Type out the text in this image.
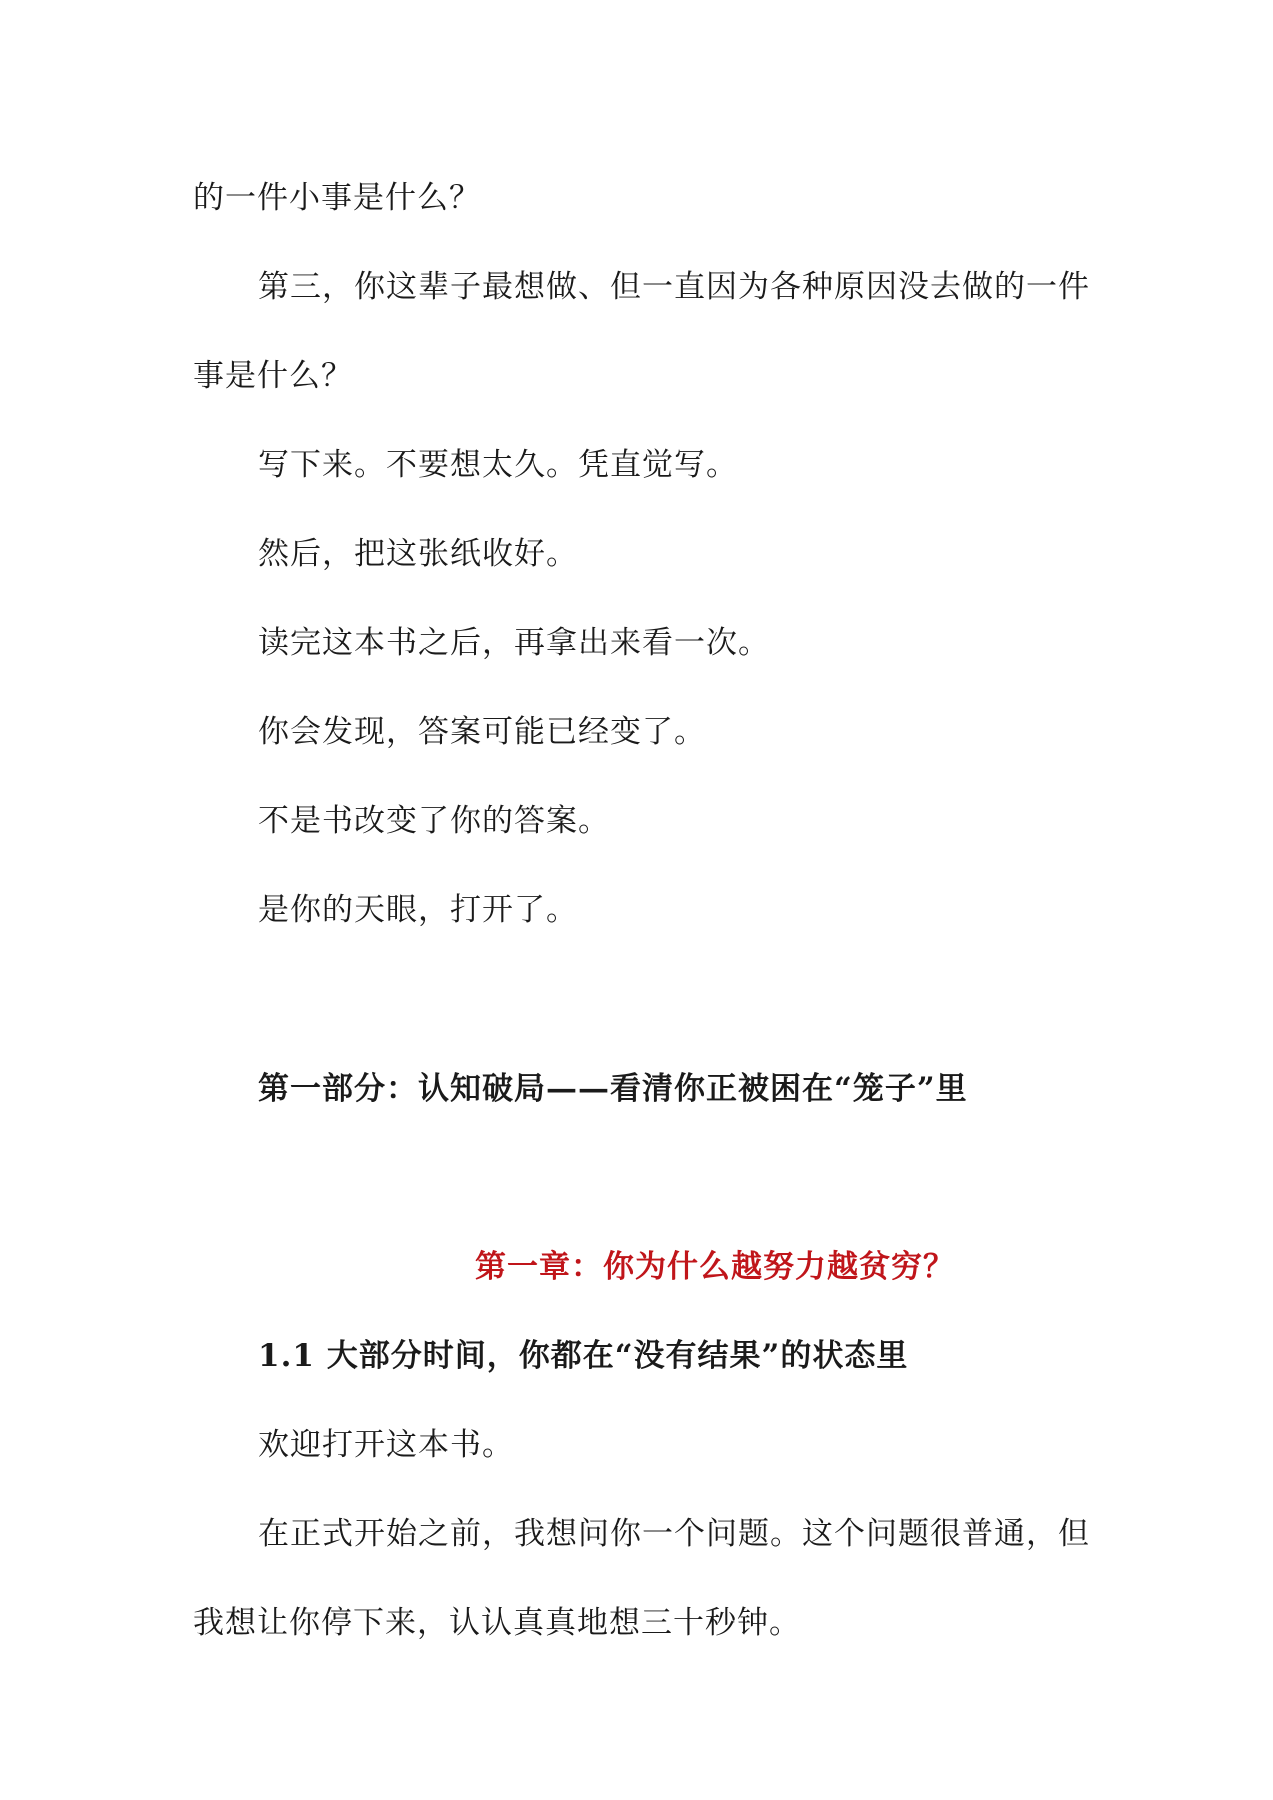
的一件小事是什么？
第三，你这辈子最想做、但一直因为各种原因没去做的一件
事是什么？
写下来。不要想太久。凭直觉写。
然后，把这张纸收好。
读完这本书之后，再拿出来看一次。
你会发现，答案可能已经变了。
不是书改变了你的答案。
是你的天眼，打开了。
第一部分：认知破局——看清你正被困在“笼子”里
第一章：你为什么越努力越贫穷？
1.1 大部分时间，你都在“没有结果”的状态里
欢迎打开这本书。
在正式开始之前，我想问你一个问题。这个问题很普通，但
我想让你停下来，认认真真地想三十秒钟。
